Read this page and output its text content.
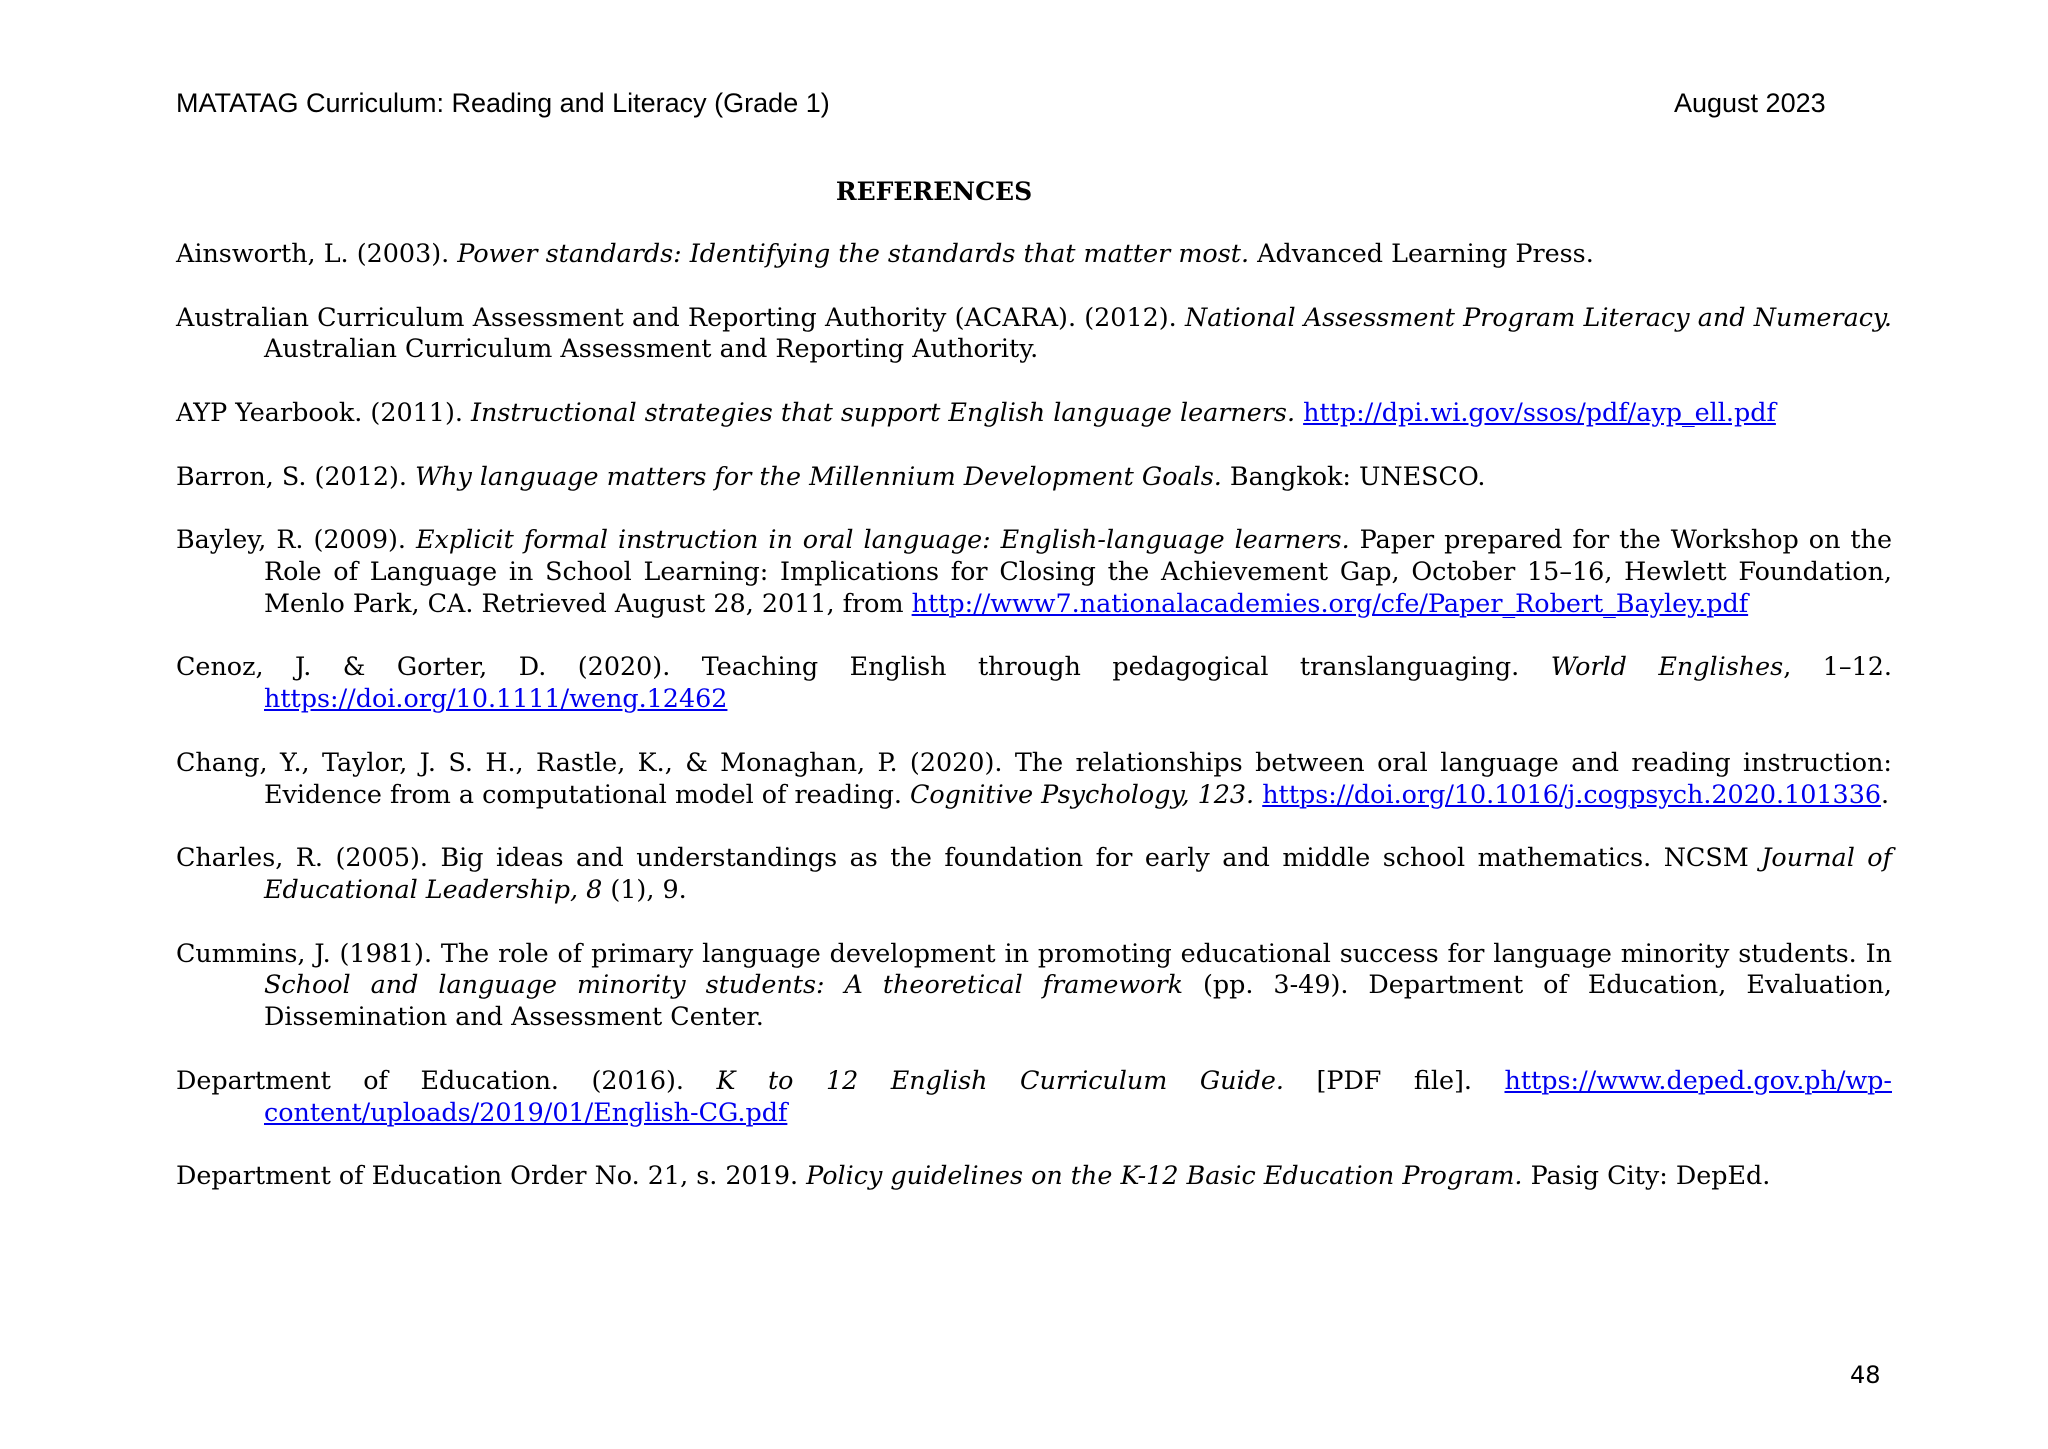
MATATAG Curriculum: Reading and Literacy (Grade 1)	August 2023
REFERENCES

Ainsworth, L. (2003). Power standards: Identifying the standards that matter most. Advanced Learning Press.

Australian Curriculum Assessment and Reporting Authority (ACARA). (2012). National Assessment Program Literacy and Numeracy. Australian Curriculum Assessment and Reporting Authority.

AYP Yearbook. (2011). Instructional strategies that support English language learners. http://dpi.wi.gov/ssos/pdf/ayp_ell.pdf

Barron, S. (2012). Why language matters for the Millennium Development Goals. Bangkok: UNESCO.

Bayley, R. (2009). Explicit formal instruction in oral language: English-language learners. Paper prepared for the Workshop on the Role of Language in School Learning: Implications for Closing the Achievement Gap, October 15–16, Hewlett Foundation, Menlo Park, CA. Retrieved August 28, 2011, from http://www7.nationalacademies.org/cfe/Paper_Robert_Bayley.pdf

Cenoz, J. & Gorter, D. (2020). Teaching English through pedagogical translanguaging. World Englishes, 1–12. https://doi.org/10.1111/weng.12462

Chang, Y., Taylor, J. S. H., Rastle, K., & Monaghan, P. (2020). The relationships between oral language and reading instruction: Evidence from a computational model of reading. Cognitive Psychology, 123. https://doi.org/10.1016/j.cogpsych.2020.101336.

Charles, R. (2005). Big ideas and understandings as the foundation for early and middle school mathematics. NCSM Journal of Educational Leadership, 8 (1), 9.

Cummins, J. (1981). The role of primary language development in promoting educational success for language minority students. In School and language minority students: A theoretical framework (pp. 3-49). Department of Education, Evaluation, Dissemination and Assessment Center.

Department of Education. (2016). K to 12 English Curriculum Guide. [PDF file]. https://www.deped.gov.ph/wp-content/uploads/2019/01/English-CG.pdf

Department of Education Order No. 21, s. 2019. Policy guidelines on the K-12 Basic Education Program. Pasig City: DepEd.

48
